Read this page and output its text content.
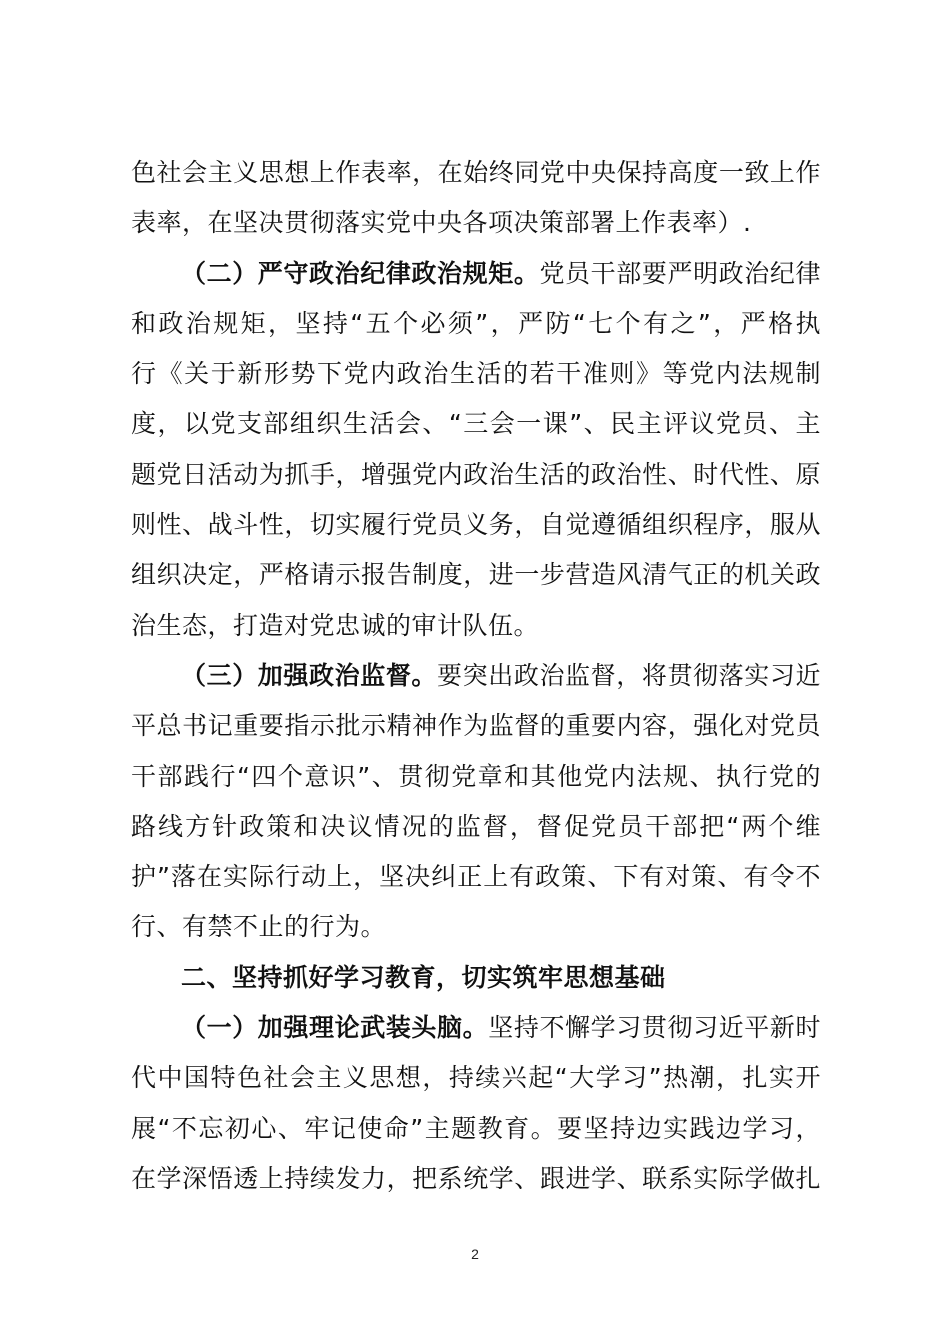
色社会主义思想上作表率，在始终同党中央保持高度一致上作
表率，在坚决贯彻落实党中央各项决策部署上作表率）.
（二）严守政治纪律政治规矩。党员干部要严明政治纪律
和政治规矩，坚持“五个必须”，严防“七个有之”，严格执
行《关于新形势下党内政治生活的若干准则》等党内法规制
度，以党支部组织生活会、“三会一课”、民主评议党员、主
题党日活动为抓手，增强党内政治生活的政治性、时代性、原
则性、战斗性，切实履行党员义务，自觉遵循组织程序，服从
组织决定，严格请示报告制度，进一步营造风清气正的机关政
治生态，打造对党忠诚的审计队伍。
（三）加强政治监督。要突出政治监督，将贯彻落实习近
平总书记重要指示批示精神作为监督的重要内容，强化对党员
干部践行“四个意识”、贯彻党章和其他党内法规、执行党的
路线方针政策和决议情况的监督，督促党员干部把“两个维
护”落在实际行动上，坚决纠正上有政策、下有对策、有令不
行、有禁不止的行为。
二、坚持抓好学习教育，切实筑牢思想基础
（一）加强理论武装头脑。坚持不懈学习贯彻习近平新时
代中国特色社会主义思想，持续兴起“大学习”热潮，扎实开
展“不忘初心、牢记使命”主题教育。要坚持边实践边学习，
在学深悟透上持续发力，把系统学、跟进学、联系实际学做扎
2
